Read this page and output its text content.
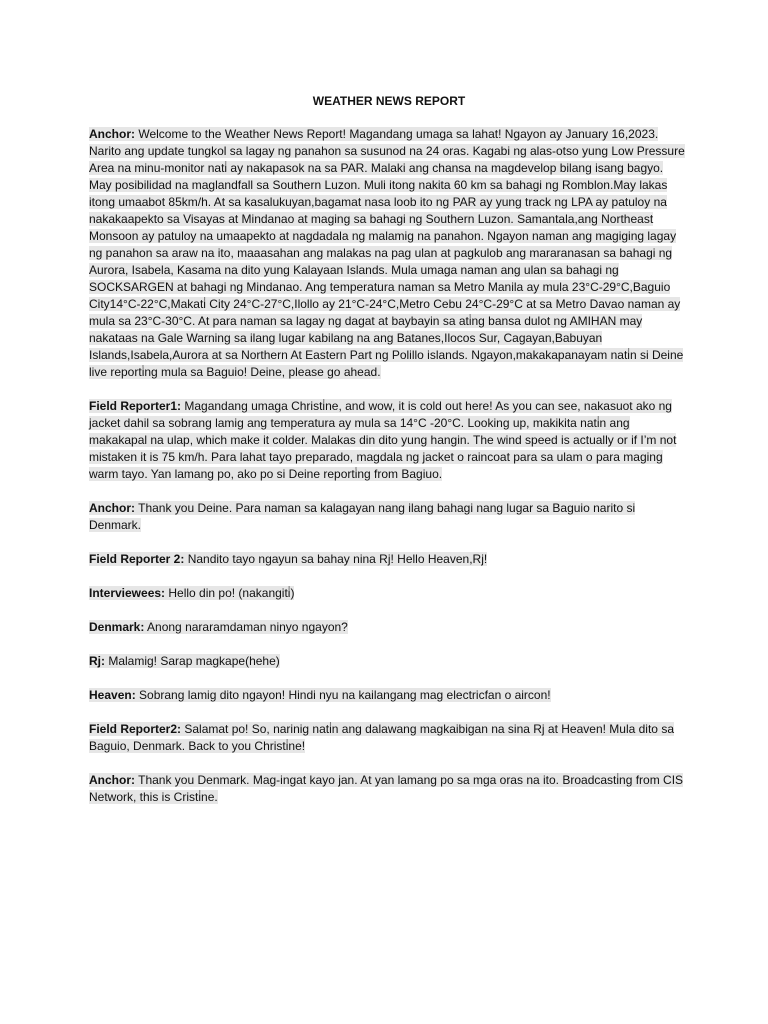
WEATHER NEWS REPORT

Anchor: Welcome to the Weather News Report! Magandang umaga sa lahat! Ngayon ay January 16,2023. Narito ang update tungkol sa lagay ng panahon sa susunod na 24 oras. Kagabi ng alas-otso yung Low Pressure Area na minu-monitor nati̇ ay nakapasok na sa PAR. Malaki ang chansa na magdevelop bilang isang bagyo. May posibilidad na maglandfall sa Southern Luzon. Muli itong nakita 60 km sa bahagi ng Romblon.May lakas itong umaabot 85km/h. At sa kasalukuyan,bagamat nasa loob ito ng PAR ay yung track ng LPA ay patuloy na nakakaapekto sa Visayas at Mindanao at maging sa bahagi ng Southern Luzon. Samantala,ang Northeast Monsoon ay patuloy na umaapekto at nagdadala ng malamig na panahon. Ngayon naman ang magiging lagay ng panahon sa araw na ito, maaasahan ang malakas na pag ulan at pagkulob ang mararanasan sa bahagi ng Aurora, Isabela, Kasama na dito yung Kalayaan Islands. Mula umaga naman ang ulan sa bahagi ng SOCKSARGEN at bahagi ng Mindanao. Ang temperatura naman sa Metro Manila ay mula 23°C-29°C,Baguio City14°C-22°C,Makati̇ City 24°C-27°C,Ilollo ay 21°C-24°C,Metro Cebu 24°C-29°C at sa Metro Davao naman ay mula sa 23°C-30°C. At para naman sa lagay ng dagat at baybayin sa ati̇ng bansa dulot ng AMIHAN may nakataas na Gale Warning sa ilang lugar kabilang na ang Batanes,Ilocos Sur, Cagayan,Babuyan Islands,Isabela,Aurora at sa Northern At Eastern Part ng Polillo islands. Ngayon,makakapanayam nati̇n si Deine live reporti̇ng mula sa Baguio! Deine, please go ahead.

Field Reporter1: Magandang umaga Christi̇ne, and wow, it is cold out here! As you can see, nakasuot ako ng jacket dahil sa sobrang lamig ang temperatura ay mula sa 14°C -20°C. Looking up, makikita nati̇n ang makakapal na ulap, which make it colder. Malakas din dito yung hangin. The wind speed is actually or if I’m not mistaken it is 75 km/h. Para lahat tayo preparado, magdala ng jacket o raincoat para sa ulam o para maging warm tayo. Yan lamang po, ako po si Deine reporti̇ng from Bagiuo.

Anchor: Thank you Deine. Para naman sa kalagayan nang ilang bahagi nang lugar sa Baguio narito si Denmark.

Field Reporter 2: Nandito tayo ngayun sa bahay nina Rj! Hello Heaven,Rj!

Interviewees: Hello din po! (nakangiti̇)

Denmark: Anong nararamdaman ninyo ngayon?

Rj: Malamig! Sarap magkape(hehe)

Heaven: Sobrang lamig dito ngayon! Hindi nyu na kailangang mag electricfan o aircon!

Field Reporter2: Salamat po! So, narinig nati̇n ang dalawang magkaibigan na sina Rj at Heaven! Mula dito sa Baguio, Denmark. Back to you Christi̇ne!

Anchor: Thank you Denmark. Mag-ingat kayo jan. At yan lamang po sa mga oras na ito. Broadcasti̇ng from CIS Network, this is Cristi̇ne.
